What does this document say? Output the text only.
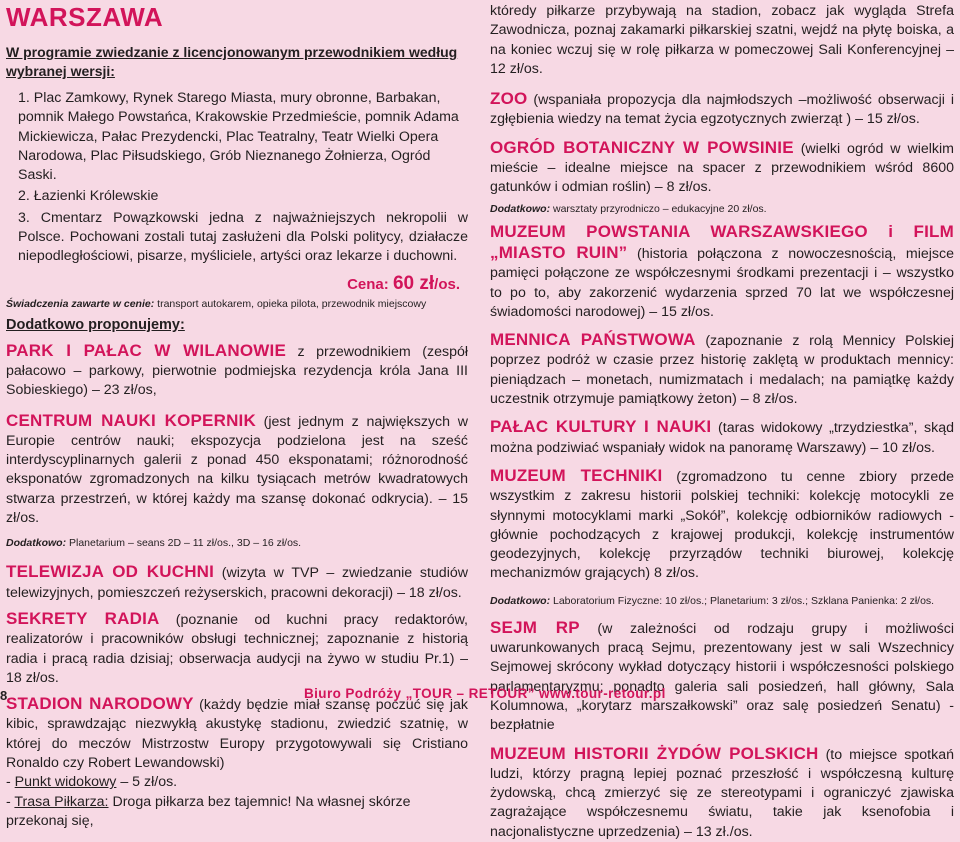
WARSZAWA
W programie zwiedzanie z licencjonowanym przewodnikiem według wybranej wersji:
1. Plac Zamkowy, Rynek Starego Miasta, mury obronne, Barbakan, pomnik Małego Powstańca, Krakowskie Przedmieście, pomnik Adama Mickiewicza, Pałac Prezydencki, Plac Teatralny, Teatr Wielki Opera Narodowa, Plac Piłsudskiego, Grób Nieznanego Żołnierza, Ogród Saski.
2. Łazienki Królewskie
3. Cmentarz Powązkowski jedna z najważniejszych nekropolii w Polsce. Pochowani zostali tutaj zasłużeni dla Polski politycy, działacze niepodległościowi, pisarze, myśliciele, artyści oraz lekarze i duchowni.
Cena: 60 zł/os.

Świadczenia zawarte w cenie: transport autokarem, opieka pilota, przewodnik miejscowy

Dodatkowo proponujemy:

PARK I PAŁAC W WILANOWIE z przewodnikiem (zespół pałacowo – parkowy, pierwotnie podmiejska rezydencja króla Jana III Sobieskiego) – 23 zł/os,

CENTRUM NAUKI KOPERNIK (jest jednym z największych w Europie centrów nauki; ekspozycja podzielona jest na sześć interdyscyplinarnych galerii z ponad 450 eksponatami; różnorodność eksponatów zgromadzonych na kilku tysiącach metrów kwadratowych stwarza przestrzeń, w której każdy ma szansę dokonać odkrycia). – 15 zł/os.

Dodatkowo: Planetarium – seans 2D – 11 zł/os., 3D – 16 zł/os.

TELEWIZJA OD KUCHNI (wizyta w TVP – zwiedzanie studiów telewizyjnych, pomieszczeń reżyserskich, pracowni dekoracji) – 18 zł/os.

SEKRETY RADIA (poznanie od kuchni pracy redaktorów, realizatorów i pracowników obsługi technicznej; zapoznanie z historią radia i pracą radia dzisiaj; obserwacja audycji na żywo w studiu Pr.1) – 18 zł/os.

STADION NARODOWY (każdy będzie miał szansę poczuć się jak kibic, sprawdzając niezwykłą akustykę stadionu, zwiedzić szatnię, w której do meczów Mistrzostw Europy przygotowywali się Cristiano Ronaldo czy Robert Lewandowski)

- Punkt widokowy – 5 zł/os.
- Trasa Piłkarza: Droga piłkarza bez tajemnic! Na własnej skórze przekonaj się,

któredy piłkarze przybywają na stadion, zobacz jak wygląda Strefa Zawodnicza, poznaj zakamarki piłkarskiej szatni, wejdź na płytę boiska, a na koniec wczuj się w rolę piłkarza w pomeczowej Sali Konferencyjnej – 12 zł/os.

ZOO (wspaniała propozycja dla najmłodszych –możliwość obserwacji i zgłębienia wiedzy na temat życia egzotycznych zwierząt ) – 15 zł/os.

OGRÓD BOTANICZNY W POWSINIE (wielki ogród w wielkim mieście – idealne miejsce na spacer z przewodnikiem wśród 8600 gatunków i odmian roślin) – 8 zł/os.

Dodatkowo: warsztaty przyrodniczo – edukacyjne 20 zł/os.

MUZEUM POWSTANIA WARSZAWSKIEGO i FILM „MIASTO RUIN” (historia połączona z nowoczesnością, miejsce pamięci połączone ze współczesnymi środkami prezentacji i – wszystko to po to, aby zakorzenić wydarzenia sprzed 70 lat we współczesnej świadomości narodowej) – 15 zł/os.

MENNICA PAŃSTWOWA (zapoznanie z rolą Mennicy Polskiej poprzez podróż w czasie przez historię zaklętą w produktach mennicy: pieniądzach – monetach, numizmatach i medalach; na pamiątkę każdy uczestnik otrzymuje pamiątkowy żeton) – 8 zł/os.

PAŁAC KULTURY I NAUKI (taras widokowy „trzydziestka”, skąd można podziwiać wspaniały widok na panoramę Warszawy) – 10 zł/os.

MUZEUM TECHNIKI (zgromadzono tu cenne zbiory przede wszystkim z zakresu historii polskiej techniki: kolekcję motocykli ze słynnymi motocyklami marki „Sokół”, kolekcję odbiorników radiowych - głównie pochodzących z krajowej produkcji, kolekcję instrumentów geodezyjnych, kolekcję przyrządów techniki biurowej, kolekcję mechanizmów grających) 8 zł/os.

Dodatkowo: Laboratorium Fizyczne: 10 zł/os.; Planetarium: 3 zł/os.; Szklana Panienka: 2 zł/os.

SEJM RP (w zależności od rodzaju grupy i możliwości uwarunkowanych pracą Sejmu, prezentowany jest w sali Wszechnicy Sejmowej skrócony wykład dotyczący historii i współczesności polskiego parlamentaryzmu; ponadto galeria sali posiedzeń, hall główny, Sala Kolumnowa, „korytarz marszałkowski” oraz salę posiedzeń Senatu) - bezpłatnie

MUZEUM HISTORII ŻYDÓW POLSKICH (to miejsce spotkań ludzi, którzy pragną lepiej poznać przeszłość i współczesną kulturę żydowską, chcą zmierzyć się ze stereotypami i ograniczyć zjawiska zagrażające współczesnemu światu, takie jak ksenofobia i nacjonalistyczne uprzedzenia) – 13 zł./os.

8	Biuro Podróży „TOUR – RETOUR” www.tour-retour.pl
